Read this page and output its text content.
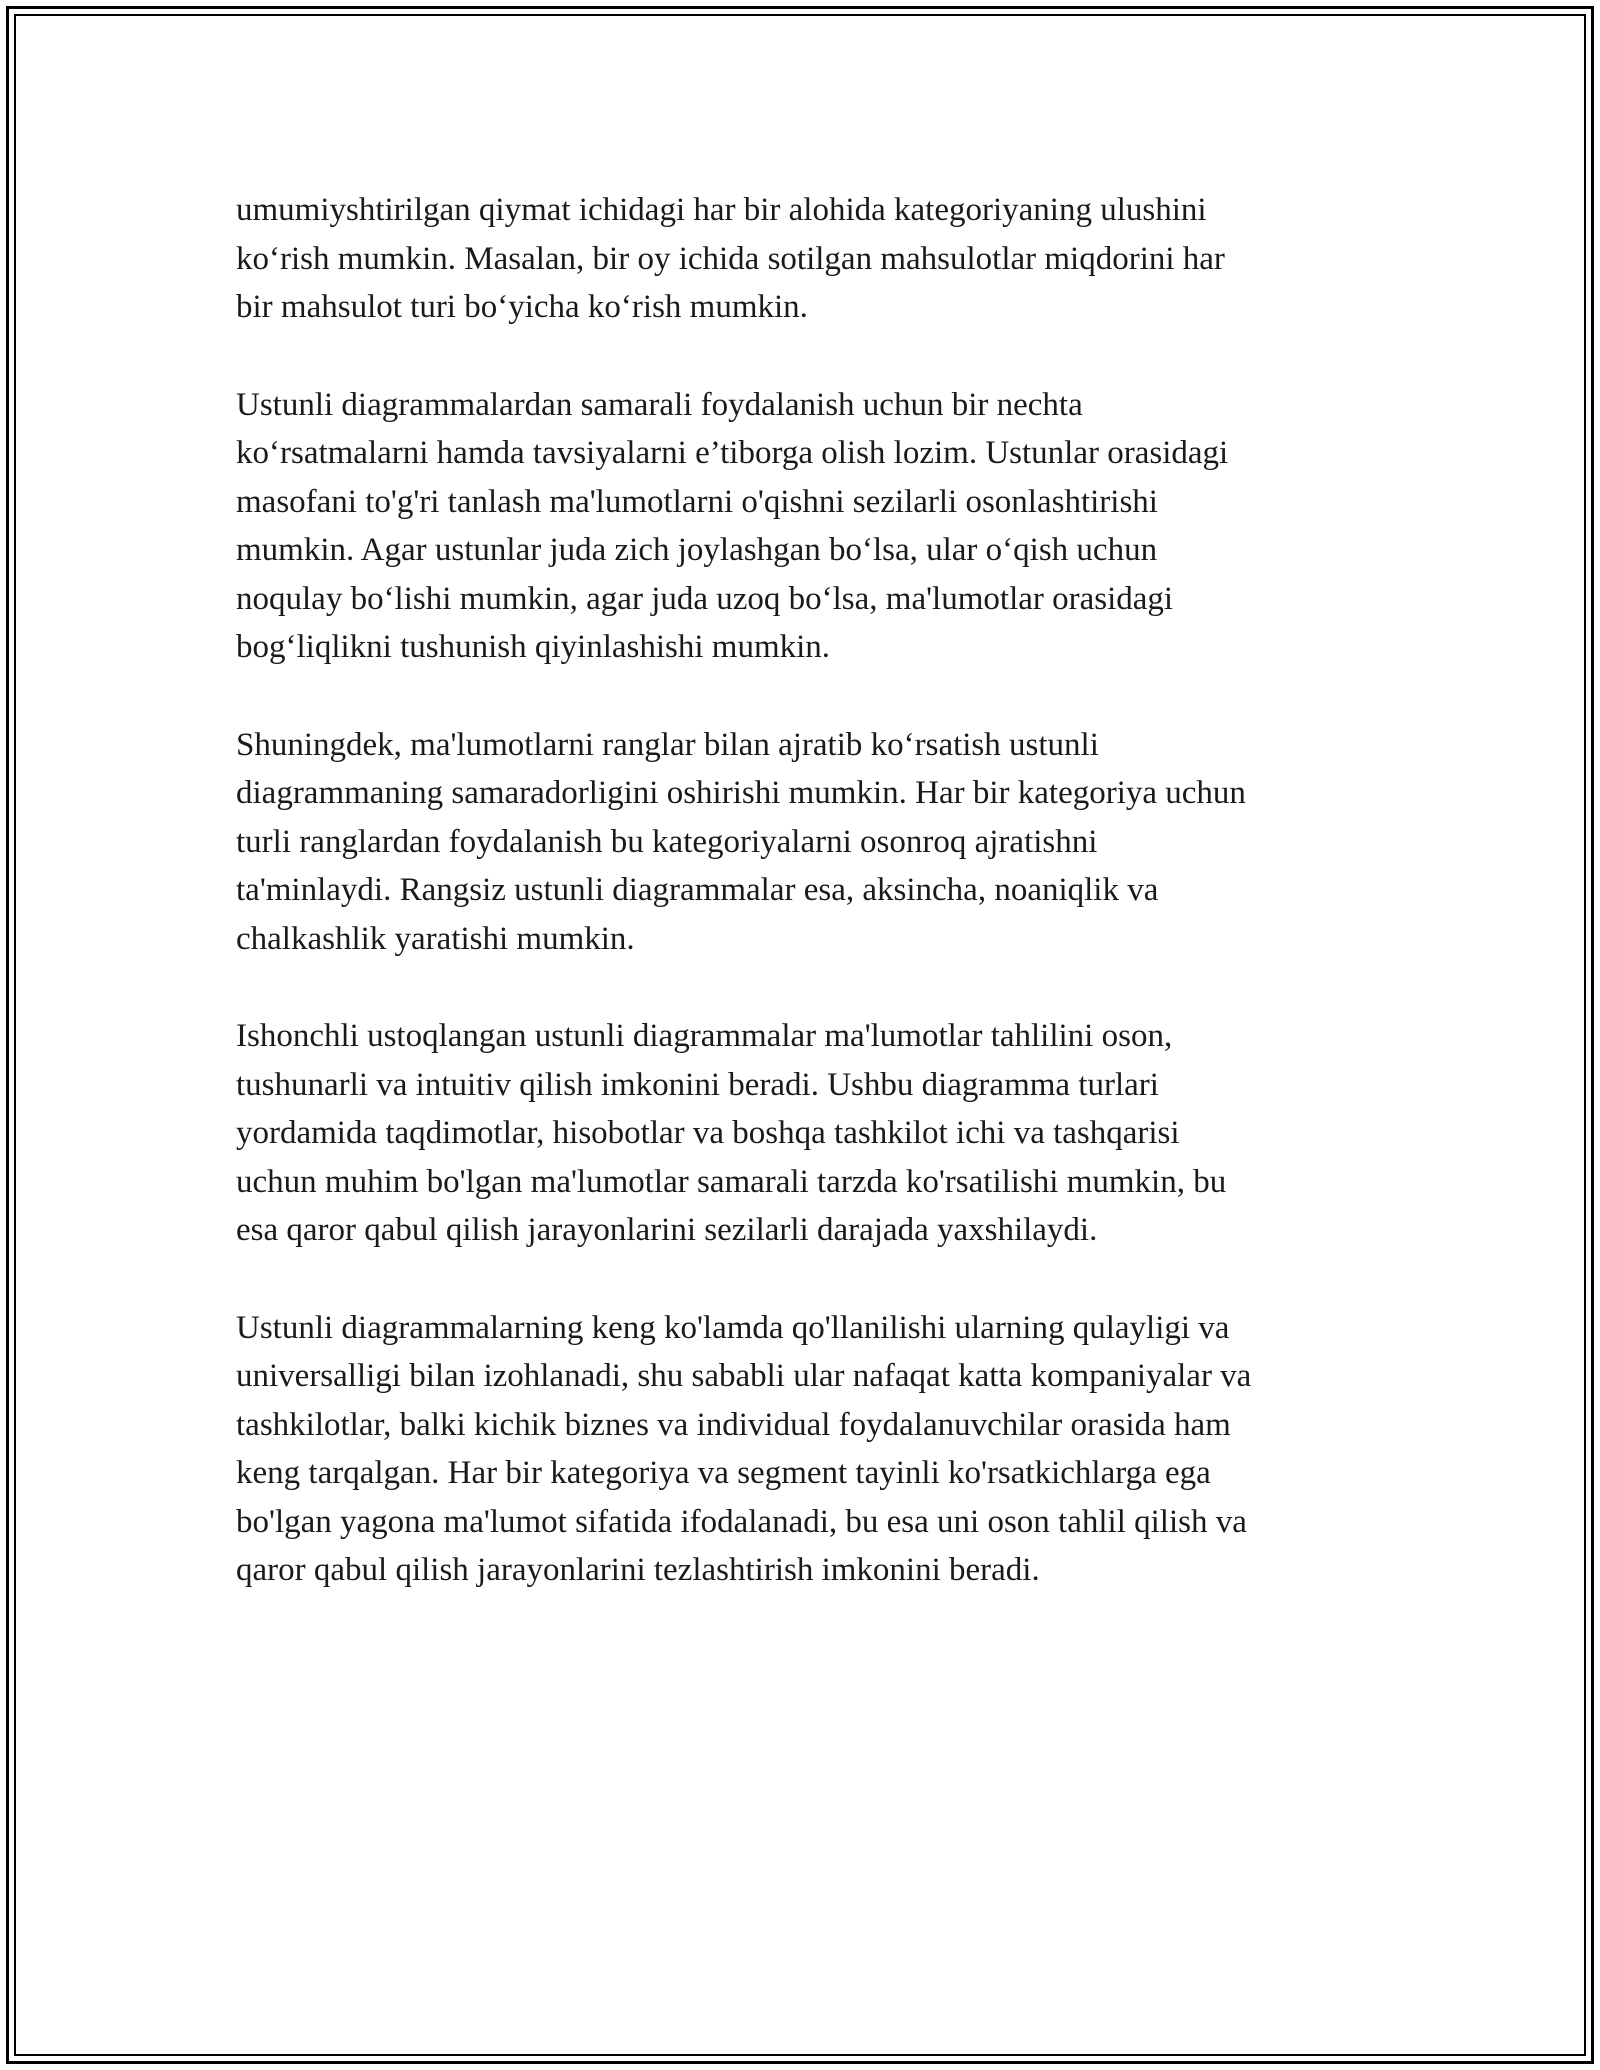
umumiyshtirilgan qiymat ichidagi har bir alohida kategoriyaning ulushini
ko‘rish mumkin. Masalan, bir oy ichida sotilgan mahsulotlar miqdorini har
bir mahsulot turi bo‘yicha ko‘rish mumkin.

Ustunli diagrammalardan samarali foydalanish uchun bir nechta
ko‘rsatmalarni hamda tavsiyalarni e’tiborga olish lozim. Ustunlar orasidagi
masofani to'g'ri tanlash ma'lumotlarni o'qishni sezilarli osonlashtirishi
mumkin. Agar ustunlar juda zich joylashgan bo‘lsa, ular o‘qish uchun
noqulay bo‘lishi mumkin, agar juda uzoq bo‘lsa, ma'lumotlar orasidagi
bog‘liqlikni tushunish qiyinlashishi mumkin.

Shuningdek, ma'lumotlarni ranglar bilan ajratib ko‘rsatish ustunli
diagrammaning samaradorligini oshirishi mumkin. Har bir kategoriya uchun
turli ranglardan foydalanish bu kategoriyalarni osonroq ajratishni
ta'minlaydi. Rangsiz ustunli diagrammalar esa, aksincha, noaniqlik va
chalkashlik yaratishi mumkin.

Ishonchli ustoqlangan ustunli diagrammalar ma'lumotlar tahlilini oson,
tushunarli va intuitiv qilish imkonini beradi. Ushbu diagramma turlari
yordamida taqdimotlar, hisobotlar va boshqa tashkilot ichi va tashqarisi
uchun muhim bo'lgan ma'lumotlar samarali tarzda ko'rsatilishi mumkin, bu
esa qaror qabul qilish jarayonlarini sezilarli darajada yaxshilaydi.

Ustunli diagrammalarning keng ko'lamda qo'llanilishi ularning qulayligi va
universalligi bilan izohlanadi, shu sababli ular nafaqat katta kompaniyalar va
tashkilotlar, balki kichik biznes va individual foydalanuvchilar orasida ham
keng tarqalgan. Har bir kategoriya va segment tayinli ko'rsatkichlarga ega
bo'lgan yagona ma'lumot sifatida ifodalanadi, bu esa uni oson tahlil qilish va
qaror qabul qilish jarayonlarini tezlashtirish imkonini beradi.
